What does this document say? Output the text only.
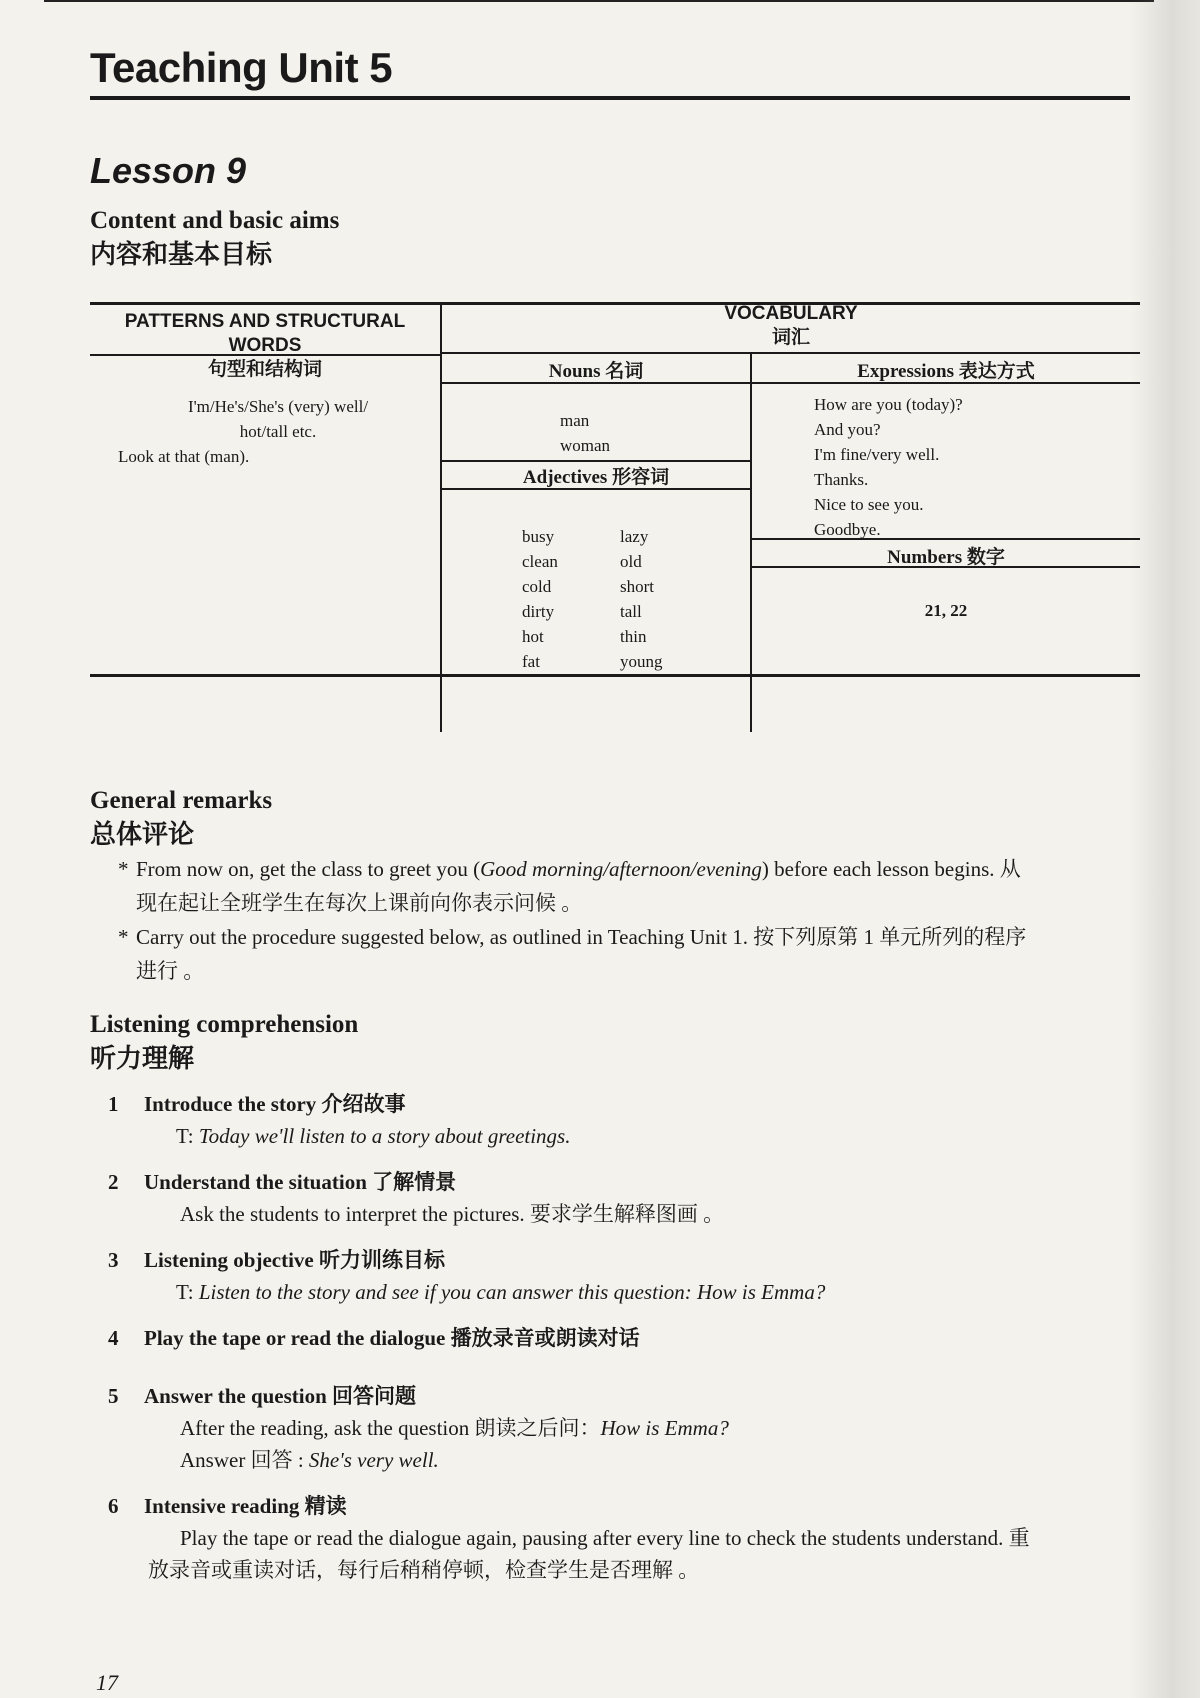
Teaching Unit 5
Lesson 9
Content and basic aims
内容和基本目标
PATTERNS AND STRUCTURAL WORDS
句型和结构词
VOCABULARY
词汇
Nouns 名词	Expressions 表达方式
I'm/He's/She's (very) well/
hot/tall etc.
Look at that (man).
man
woman
Adjectives 形容词
busy
clean
cold
dirty
hot
fat
lazy
old
short
tall
thin
young
How are you (today)?
And you?
I'm fine/very well.
Thanks.
Nice to see you.
Goodbye.
Numbers 数字
21, 22
General remarks
总体评论
* From now on, get the class to greet you (Good morning/afternoon/evening) before each lesson begins. 从
现在起让全班学生在每次上课前向你表示问候 。
* Carry out the procedure suggested below, as outlined in Teaching Unit 1. 按下列原第 1 单元所列的程序
进行 。
Listening comprehension
听力理解
1 Introduce the story 介绍故事
T: Today we'll listen to a story about greetings.
2 Understand the situation 了解情景
Ask the students to interpret the pictures. 要求学生解释图画 。
3 Listening objective 听力训练目标
T: Listen to the story and see if you can answer this question: How is Emma?
4 Play the tape or read the dialogue 播放录音或朗读对话
5 Answer the question 回答问题
After the reading, ask the question 朗读之后问：How is Emma?
Answer 回答 : She's very well.
6 Intensive reading 精读
Play the tape or read the dialogue again, pausing after every line to check the students understand. 重
放录音或重读对话，每行后稍稍停顿，检查学生是否理解 。
17
